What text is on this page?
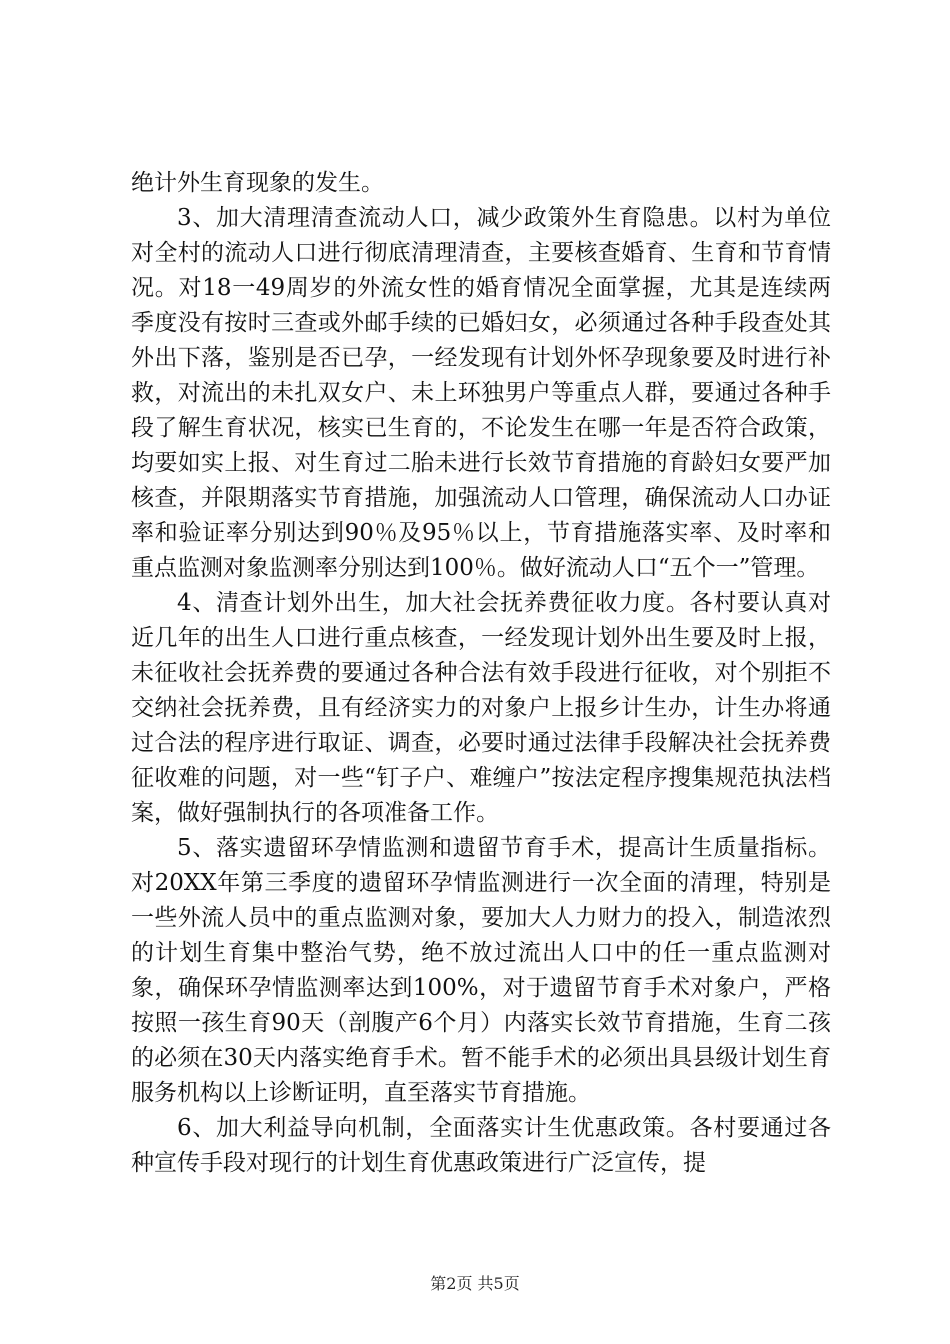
绝计外生育现象的发生。

3、加大清理清查流动人口，减少政策外生育隐患。以村为单位对全村的流动人口进行彻底清理清查，主要核查婚育、生育和节育情况。对18一49周岁的外流女性的婚育情况全面掌握，尤其是连续两季度没有按时三查或外邮手续的已婚妇女，必须通过各种手段查处其外出下落，鉴别是否已孕，一经发现有计划外怀孕现象要及时进行补救，对流出的未扎双女户、未上环独男户等重点人群，要通过各种手段了解生育状况，核实已生育的，不论发生在哪一年是否符合政策，均要如实上报、对生育过二胎未进行长效节育措施的育龄妇女要严加核查，并限期落实节育措施，加强流动人口管理，确保流动人口办证率和验证率分别达到90％及95％以上，节育措施落实率、及时率和重点监测对象监测率分别达到100％。做好流动人口“五个一”管理。

4、清查计划外出生，加大社会抚养费征收力度。各村要认真对近几年的出生人口进行重点核查，一经发现计划外出生要及时上报，未征收社会抚养费的要通过各种合法有效手段进行征收，对个别拒不交纳社会抚养费，且有经济实力的对象户上报乡计生办，计生办将通过合法的程序进行取证、调查，必要时通过法律手段解决社会抚养费征收难的问题，对一些“钉子户、难缠户”按法定程序搜集规范执法档案，做好强制执行的各项准备工作。

5、落实遗留环孕情监测和遗留节育手术，提高计生质量指标。对20XX年第三季度的遗留环孕情监测进行一次全面的清理，特别是一些外流人员中的重点监测对象，要加大人力财力的投入，制造浓烈的计划生育集中整治气势，绝不放过流出人口中的任一重点监测对象，确保环孕情监测率达到100%，对于遗留节育手术对象户，严格按照一孩生育90天（剖腹产6个月）内落实长效节育措施，生育二孩的必须在30天内落实绝育手术。暂不能手术的必须出具县级计划生育服务机构以上诊断证明，直至落实节育措施。

6、加大利益导向机制，全面落实计生优惠政策。各村要通过各种宣传手段对现行的计划生育优惠政策进行广泛宣传，提

第2页 共5页
